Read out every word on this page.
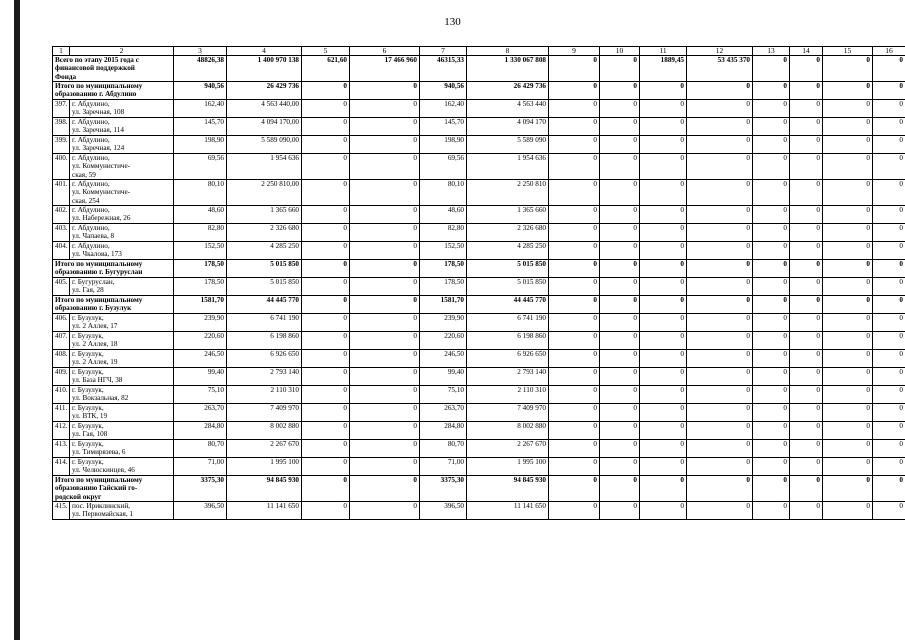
130
1	2	3	4	5	6	7	8	9	10	11	12	13	14	15	16

Всего по этапу 2015 года с
финансовой поддержкой
Фонда		48826,38	1 400 970 138	621,60	17 466 960	46315,33	1 330 067 808	0	0	1889,45	53 435 370	0	0	0	0

Итого по муниципальному
образованию г. Абдулино		940,56	26 429 736	0	0	940,56	26 429 736	0	0	0	0	0	0	0	0
397.	г. Абдулино,
ул. Заречная, 108	162,40	4 563 440,00	0	0	162,40	4 563 440	0	0	0	0	0	0	0	0
398.	г. Абдулино,
ул. Заречная, 114	145,70	4 094 170,00	0	0	145,70	4 094 170	0	0	0	0	0	0	0	0
399.	г. Абдулино,
ул. Заречная, 124	198,90	5 589 090,00	0	0	198,90	5 589 090	0	0	0	0	0	0	0	0
400.	г. Абдулино,
ул. Коммунистиче-
ская, 59	69,56	1 954 636	0	0	69,56	1 954 636	0	0	0	0	0	0	0	0
401.	г. Абдулино,
ул. Коммунистиче-
ская, 254	80,10	2 250 810,00	0	0	80,10	2 250 810	0	0	0	0	0	0	0	0
402.	г. Абдулино,
ул. Набережная, 26	48,60	1 365 660	0	0	48,60	1 365 660	0	0	0	0	0	0	0	0
403.	г. Абдулино,
ул. Чапаева, 8	82,80	2 326 680	0	0	82,80	2 326 680	0	0	0	0	0	0	0	0
404.	г. Абдулино,
ул. Чкалова, 173	152,50	4 285 250	0	0	152,50	4 285 250	0	0	0	0	0	0	0	0

Итого по муниципальному
образованию г. Бугуруслан		178,50	5 015 850	0	0	178,50	5 015 850	0	0	0	0	0	0	0	0
405.	г. Бугуруслан,
ул. Гая, 28	178,50	5 015 850	0	0	178,50	5 015 850	0	0	0	0	0	0	0	0

Итого по муниципальному
образованию г. Бузулук		1581,70	44 445 770	0	0	1581,70	44 445 770	0	0	0	0	0	0	0	0
406.	г. Бузулук,
ул. 2 Аллея, 17	239,90	6 741 190	0	0	239,90	6 741 190	0	0	0	0	0	0	0	0
407.	г. Бузулук,
ул. 2 Аллея, 18	220,60	6 198 860	0	0	220,60	6 198 860	0	0	0	0	0	0	0	0
408.	г. Бузулук,
ул. 2 Аллея, 19	246,50	6 926 650	0	0	246,50	6 926 650	0	0	0	0	0	0	0	0
409.	г. Бузулук,
ул. База НГЧ, 38	99,40	2 793 140	0	0	99,40	2 793 140	0	0	0	0	0	0	0	0
410.	г. Бузулук,
ул. Вокзальная, 82	75,10	2 110 310	0	0	75,10	2 110 310	0	0	0	0	0	0	0	0
411.	г. Бузулук,
ул. ВТК, 19	263,70	7 409 970	0	0	263,70	7 409 970	0	0	0	0	0	0	0	0
412.	г. Бузулук,
ул. Гая, 108	284,80	8 002 880	0	0	284,80	8 002 880	0	0	0	0	0	0	0	0
413.	г. Бузулук,
ул. Тимирязева, 6	80,70	2 267 670	0	0	80,70	2 267 670	0	0	0	0	0	0	0	0
414.	г. Бузулук,
ул. Челюскинцев, 46	71,00	1 995 100	0	0	71,00	1 995 100	0	0	0	0	0	0	0	0

Итого по муниципальному
образованию Гайский го-
родской округ		3375,30	94 845 930	0	0	3375,30	94 845 930	0	0	0	0	0	0	0	0
415.	пос. Ириклинский,
ул. Первомайская, 1	396,50	11 141 650	0	0	396,50	11 141 650	0	0	0	0	0	0	0	0
